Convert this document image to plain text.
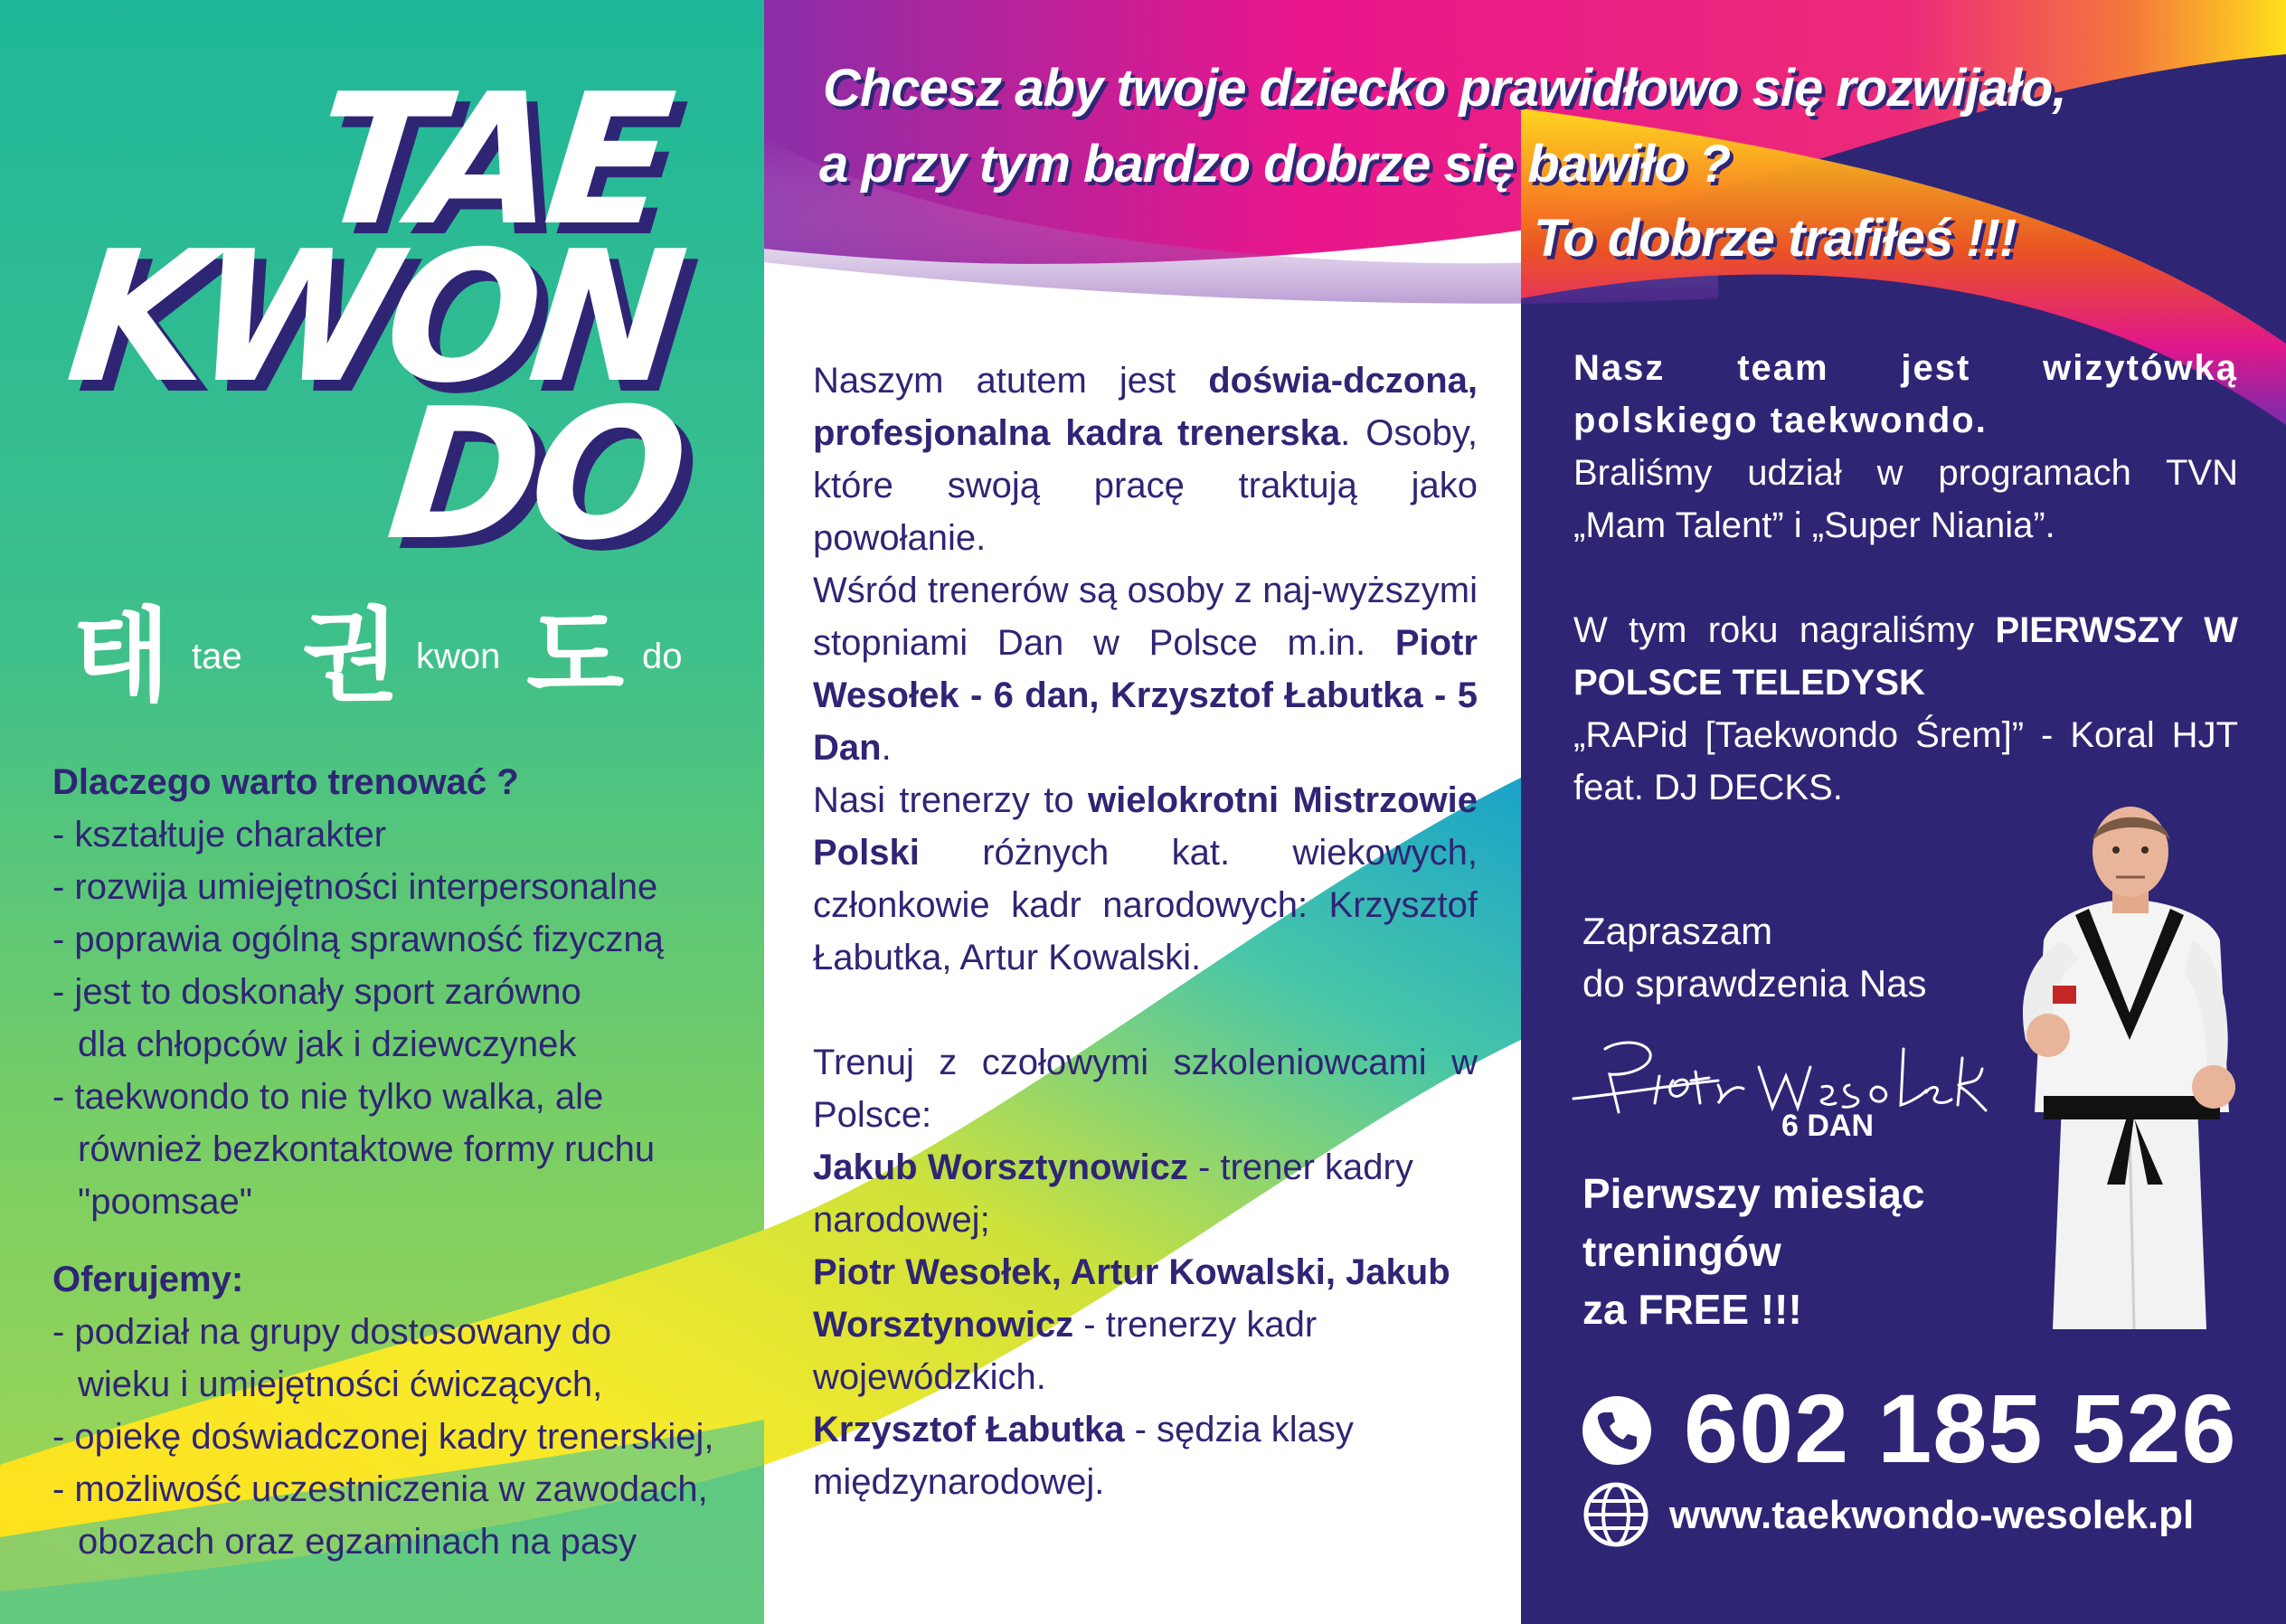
TAE
KWON
DO
태 tae 권 kwon 도 do
Dlaczego warto trenować ?
- kształtuje charakter
- rozwija umiejętności interpersonalne
- poprawia ogólną sprawność fizyczną
- jest to doskonały sport zarówno
dla chłopców jak i dziewczynek
- taekwondo to nie tylko walka, ale
również bezkontaktowe formy ruchu
"poomsae"
Oferujemy:
- podział na grupy dostosowany do
wieku i umiejętności ćwiczących,
- opiekę doświadczonej kadry trenerskiej,
- możliwość uczestniczenia w zawodach,
obozach oraz egzaminach na pasy
Chcesz aby twoje dziecko prawidłowo się rozwijało,
a przy tym bardzo dobrze się bawiło ?
To dobrze trafiłeś !!!

Naszym atutem jest doświa-dczona, profesjonalna kadra trenerska. Osoby, które swoją pracę traktują jako powołanie.

Wśród trenerów są osoby z naj-wyższymi stopniami Dan w Polsce m.in. Piotr Wesołek - 6 dan, Krzysztof Łabutka - 5 Dan.

Nasi trenerzy to wielokrotni Mistrzowie Polski różnych kat. wiekowych, członkowie kadr narodowych: Krzysztof Łabutka, Artur Kowalski.

Trenuj z czołowymi szkoleniowcami w Polsce:

Jakub Worsztynowicz - trener kadry narodowej;

Piotr Wesołek, Artur Kowalski, Jakub Worsztynowicz - trenerzy kadr wojewódzkich.

Krzysztof Łabutka - sędzia klasy międzynarodowej.

Nasz team jest wizytówką polskiego taekwondo.

Braliśmy udział w programach TVN „Mam Talent” i „Super Niania”.

W tym roku nagraliśmy PIERWSZY W POLSCE TELEDYSK

„RAPid [Taekwondo Śrem]” - Koral HJT feat. DJ DECKS.

Zapraszam
do sprawdzenia Nas
6 DAN
Pierwszy miesiąc
treningów
za FREE !!!
602 185 526
www.taekwondo-wesolek.pl
